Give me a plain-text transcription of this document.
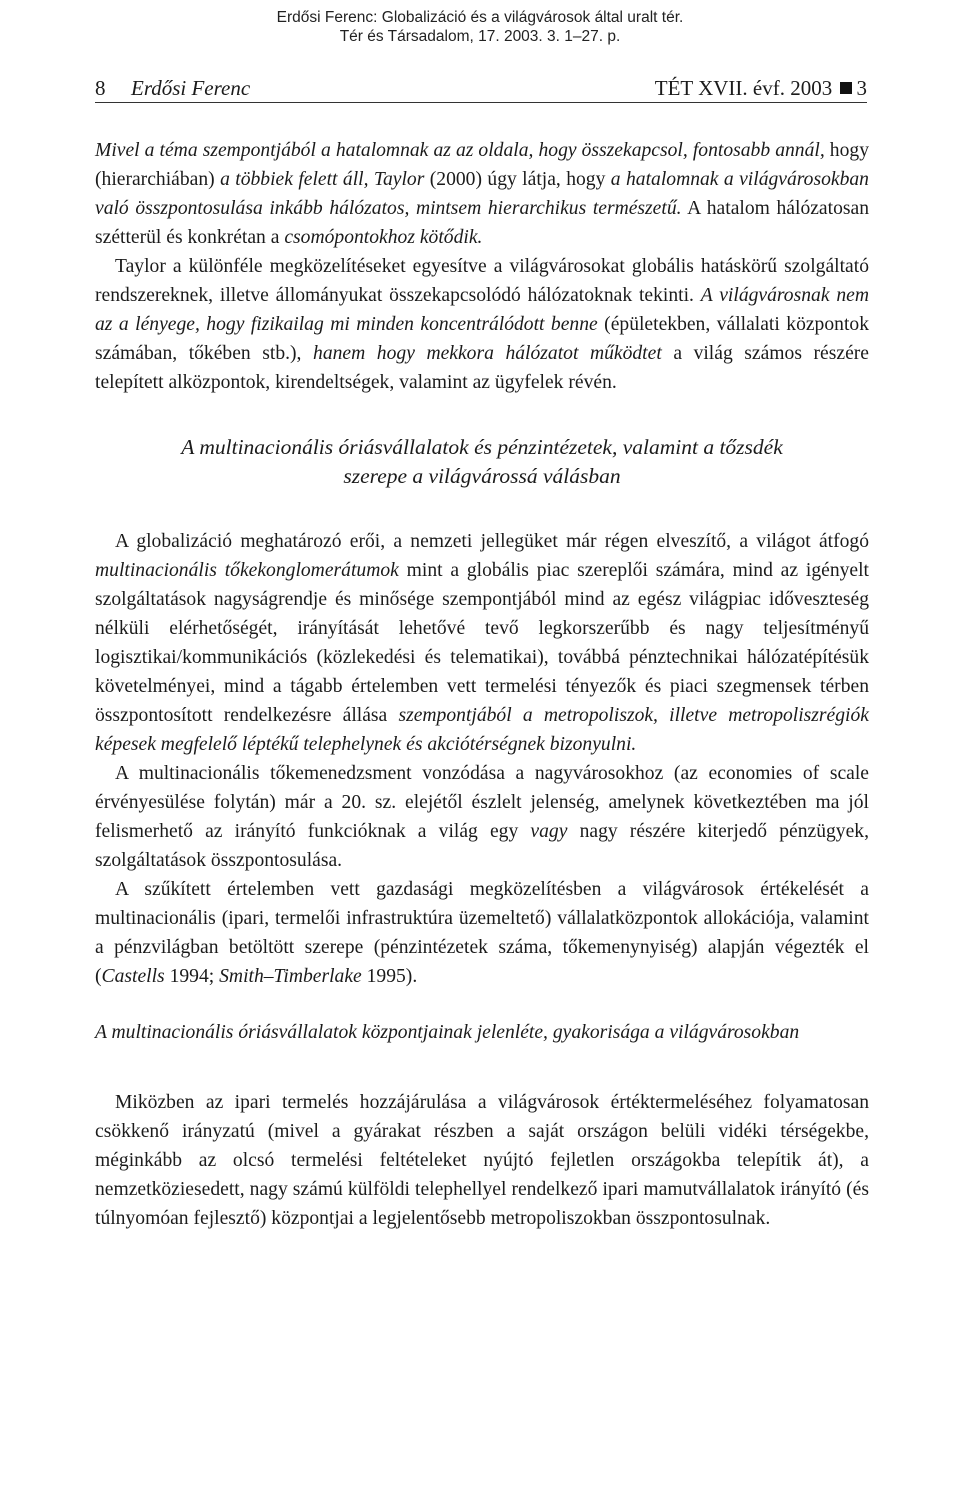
Erdősi Ferenc: Globalizáció és a világvárosok által uralt tér.
Tér és Társadalom, 17. 2003. 3. 1–27. p.
8 Erdősi Ferenc	TÉT XVII. évf. 2003 3

Mivel a téma szempontjából a hatalomnak az az oldala, hogy összekapcsol, fontosabb annál, hogy (hierarchiában) a többiek felett áll, Taylor (2000) úgy látja, hogy a hatalomnak a világvárosokban való összpontosulása inkább hálózatos, mintsem hierarchikus természetű. A hatalom hálózatosan szétterül és konkrétan a csomópontokhoz kötődik.

Taylor a különféle megközelítéseket egyesítve a világvárosokat globális hatáskörű szolgáltató rendszereknek, illetve állományukat összekapcsolódó hálózatoknak tekinti. A világvárosnak nem az a lényege, hogy fizikailag mi minden koncentrálódott benne (épületekben, vállalati központok számában, tőkében stb.), hanem hogy mekkora hálózatot működtet a világ számos részére telepített alközpontok, kirendeltségek, valamint az ügyfelek révén.

A multinacionális óriásvállalatok és pénzintézetek, valamint a tőzsdék
szerepe a világvárossá válásban

A globalizáció meghatározó erői, a nemzeti jellegüket már régen elveszítő, a világot átfogó multinacionális tőkekonglomerátumok mint a globális piac szereplői számára, mind az igényelt szolgáltatások nagyságrendje és minősége szempontjából mind az egész világpiac időveszteség nélküli elérhetőségét, irányítását lehetővé tevő legkorszerűbb és nagy teljesítményű logisztikai/kommunikációs (közlekedési és telematikai), továbbá pénztechnikai hálózatépítésük követelményei, mind a tágabb értelemben vett termelési tényezők és piaci szegmensek térben összpontosított rendelkezésre állása szempontjából a metropoliszok, illetve metropoliszrégiók képesek megfelelő léptékű telephelynek és akciótérségnek bizonyulni.

A multinacionális tőkemenedzsment vonzódása a nagyvárosokhoz (az economies of scale érvényesülése folytán) már a 20. sz. elejétől észlelt jelenség, amelynek következtében ma jól felismerhető az irányító funkcióknak a világ egy vagy nagy részére kiterjedő pénzügyek, szolgáltatások összpontosulása.

A szűkített értelemben vett gazdasági megközelítésben a világvárosok értékelését a multinacionális (ipari, termelői infrastruktúra üzemeltető) vállalatközpontok allokációja, valamint a pénzvilágban betöltött szerepe (pénzintézetek száma, tőkemenynyiség) alapján végezték el (Castells 1994; Smith–Timberlake 1995).

A multinacionális óriásvállalatok központjainak jelenléte, gyakorisága a világvárosokban

Miközben az ipari termelés hozzájárulása a világvárosok értéktermeléséhez folyamatosan csökkenő irányzatú (mivel a gyárakat részben a saját országon belüli vidéki térségekbe, méginkább az olcsó termelési feltételeket nyújtó fejletlen országokba telepítik át), a nemzetköziesedett, nagy számú külföldi telephellyel rendelkező ipari mamutvállalatok irányító (és túlnyomóan fejlesztő) központjai a legjelentősebb metropoliszokban összpontosulnak.
